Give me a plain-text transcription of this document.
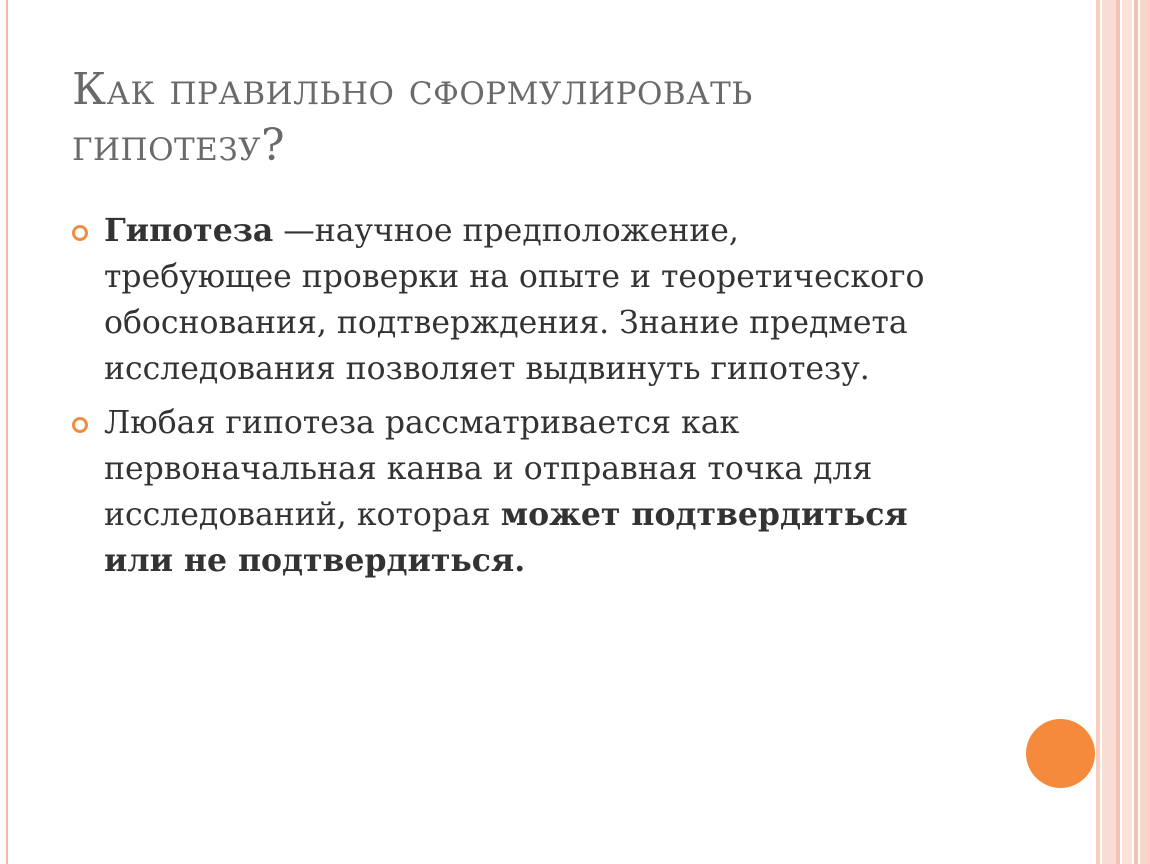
Как правильно сформулировать
гипотезу?
Гипотеза —научное предположение,
требующее проверки на опыте и теоретического
обоснования, подтверждения. Знание предмета
исследования позволяет выдвинуть гипотезу.
Любая гипотеза рассматривается как
первоначальная канва и отправная точка для
исследований, которая может подтвердиться
или не подтвердиться.
